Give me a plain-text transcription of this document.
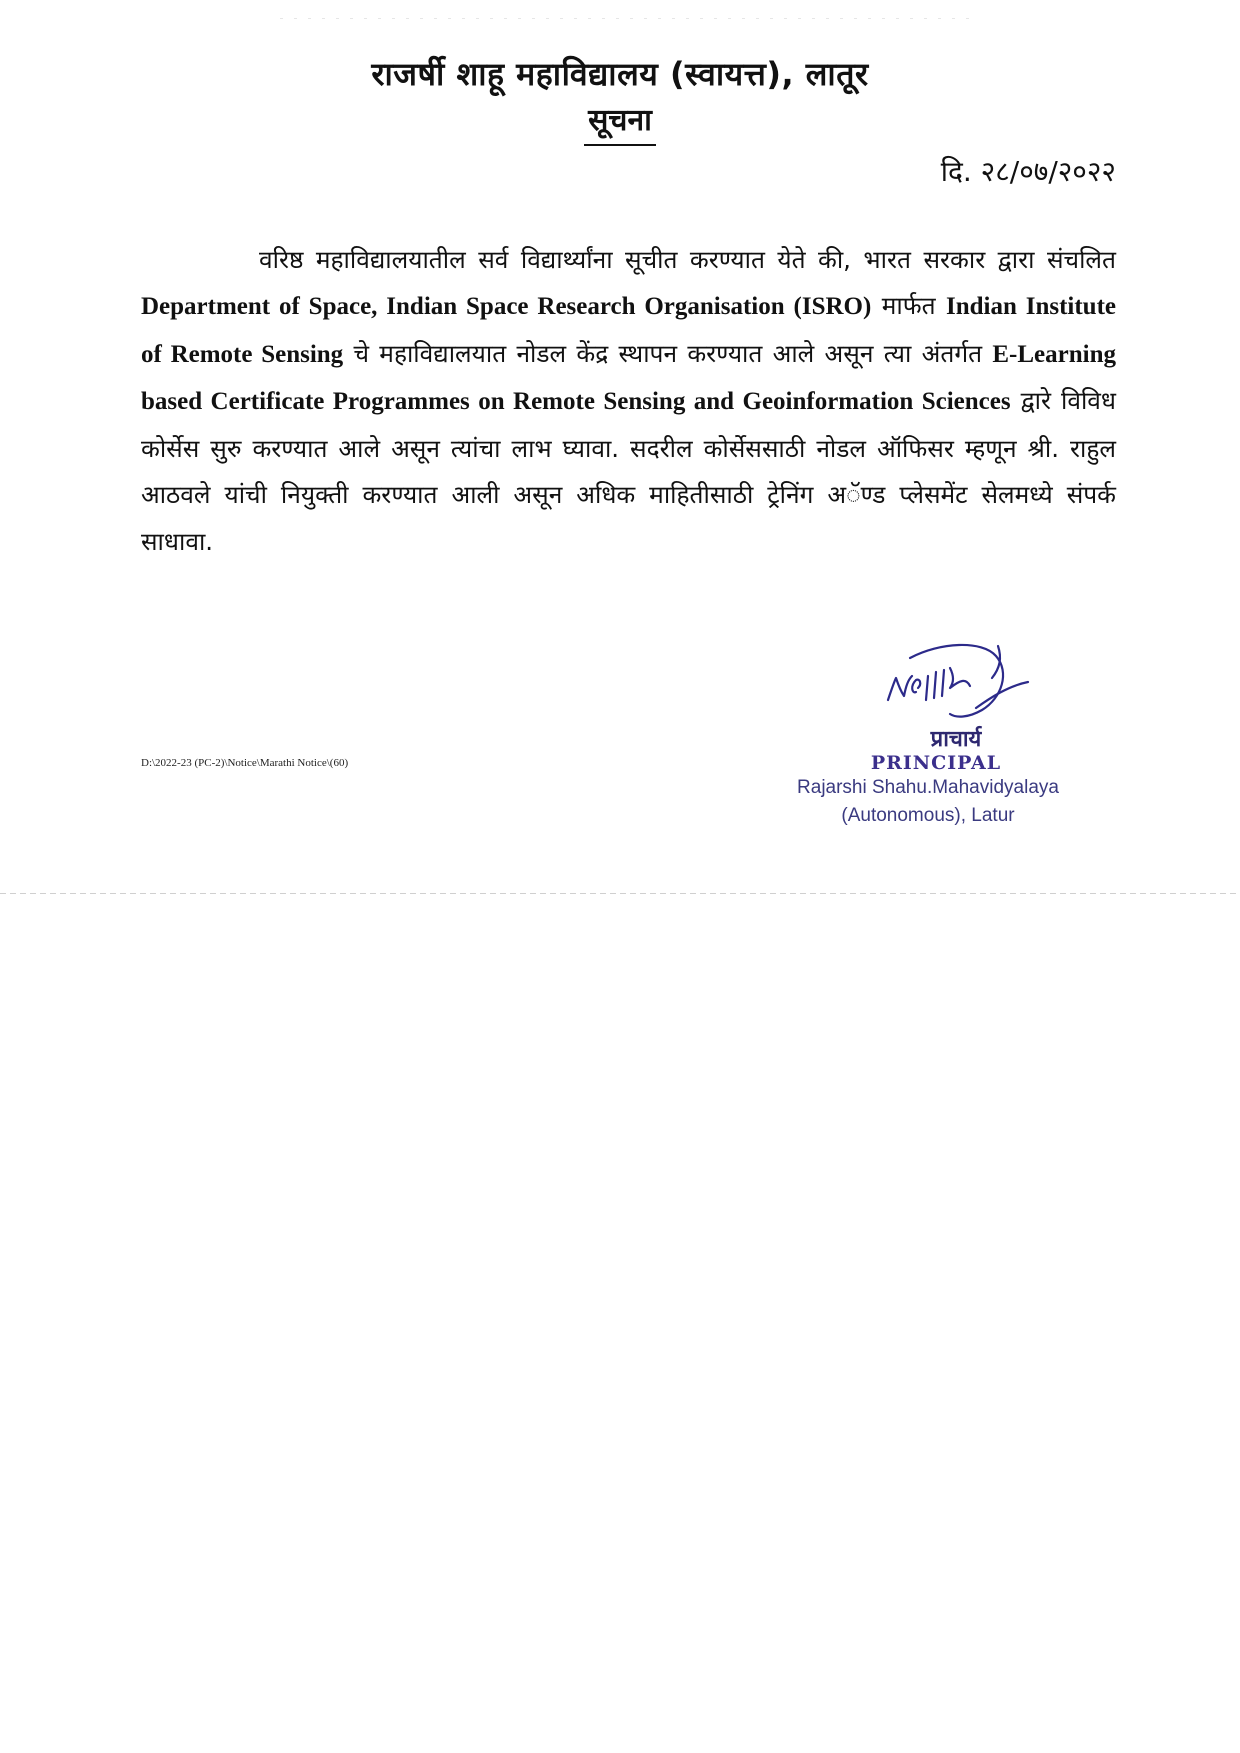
राजर्षी शाहू महाविद्यालय (स्वायत्त), लातूर
सूचना
दि. २८/०७/२०२२

वरिष्ठ महाविद्यालयातील सर्व विद्यार्थ्यांना सूचीत करण्यात येते की, भारत सरकार द्वारा संचलित Department of Space, Indian Space Research Organisation (ISRO) मार्फत Indian Institute of Remote Sensing चे महाविद्यालयात नोडल केंद्र स्थापन करण्यात आले असून त्या अंतर्गत E-Learning based Certificate Programmes on Remote Sensing and Geoinformation Sciences द्वारे विविध कोर्सेस सुरु करण्यात आले असून त्यांचा लाभ घ्यावा. सदरील कोर्सेससाठी नोडल ऑफिसर म्हणून श्री. राहुल आठवले यांची नियुक्ती करण्यात आली असून अधिक माहितीसाठी ट्रेनिंग अॅण्ड प्लेसमेंट सेलमध्ये संपर्क साधावा.

D:\2022-23 (PC-2)\Notice\Marathi Notice\(60)
प्राचार्य
PRINCIPAL
Rajarshi Shahu.Mahavidyalaya
(Autonomous), Latur
